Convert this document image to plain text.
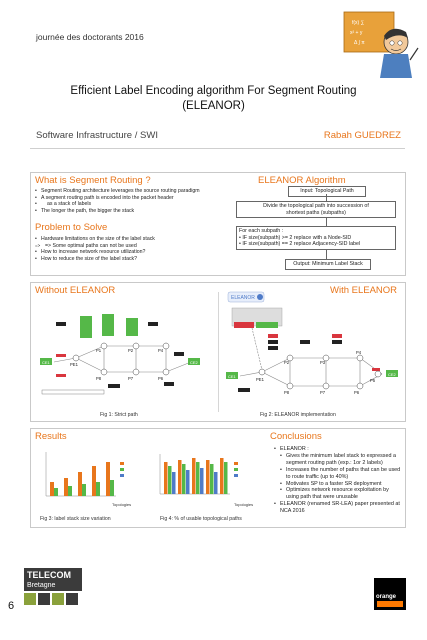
journée des doctorants 2016
f(x) ∑
x² + y
Δ ∫ π
Efficient Label Encoding algorithm For Segment Routing
(ELEANOR)
Software Infrastructure / SWI	Rabah GUEDREZ
What is Segment Routing ?
• Segment Routing architecture leverages the source routing paradigm
• A segment routing path is encoded into the packet header
• as a stack of labels
• The longer the path, the bigger the stack
Problem to Solve
• Hardware limitations on the size of the label stack
=> => Some optimal paths can not be used
• How to increase network resource utilization?
• How to reduce the size of the label stack?
ELEANOR Algorithm
Input: Topological Path
Divide the topological path into succession of
shortest paths (subpaths)
For each subpath :
• IF size(subpath) >= 2 replace with a Node-SID
• IF size(subpath) == 2 replace Adjacency-SID label
Output: Minimum Label Stack
Without ELEANOR	With ELEANOR
CE1	CE2
PE1
P1	P2	P4
P8	P7	P6
Fig 1: Strict path
ELEANOR
CE1	CE2
PE1
P2	P3
P4
P5
P8	P7	P6
Fig 2: ELEANOR implementation
Results	Conclusions
Topologies
Fig 3: label stack size variation
Topologies
Fig 4: % of usable topological paths
• ELEANOR :
• Gives the minimum label stack to expressed a segment routing path (exp.: 1or 2 labels)
• Increases the number of paths that can be used to route traffic (up to 40%)
• Motivates SP to a faster SR deployment
• Optimizes network resource exploitation by using path that were unusable
• ELEANOR (renamed SR-LEA) paper presented at NCA 2016
TELECOM
Bretagne
6
orange
